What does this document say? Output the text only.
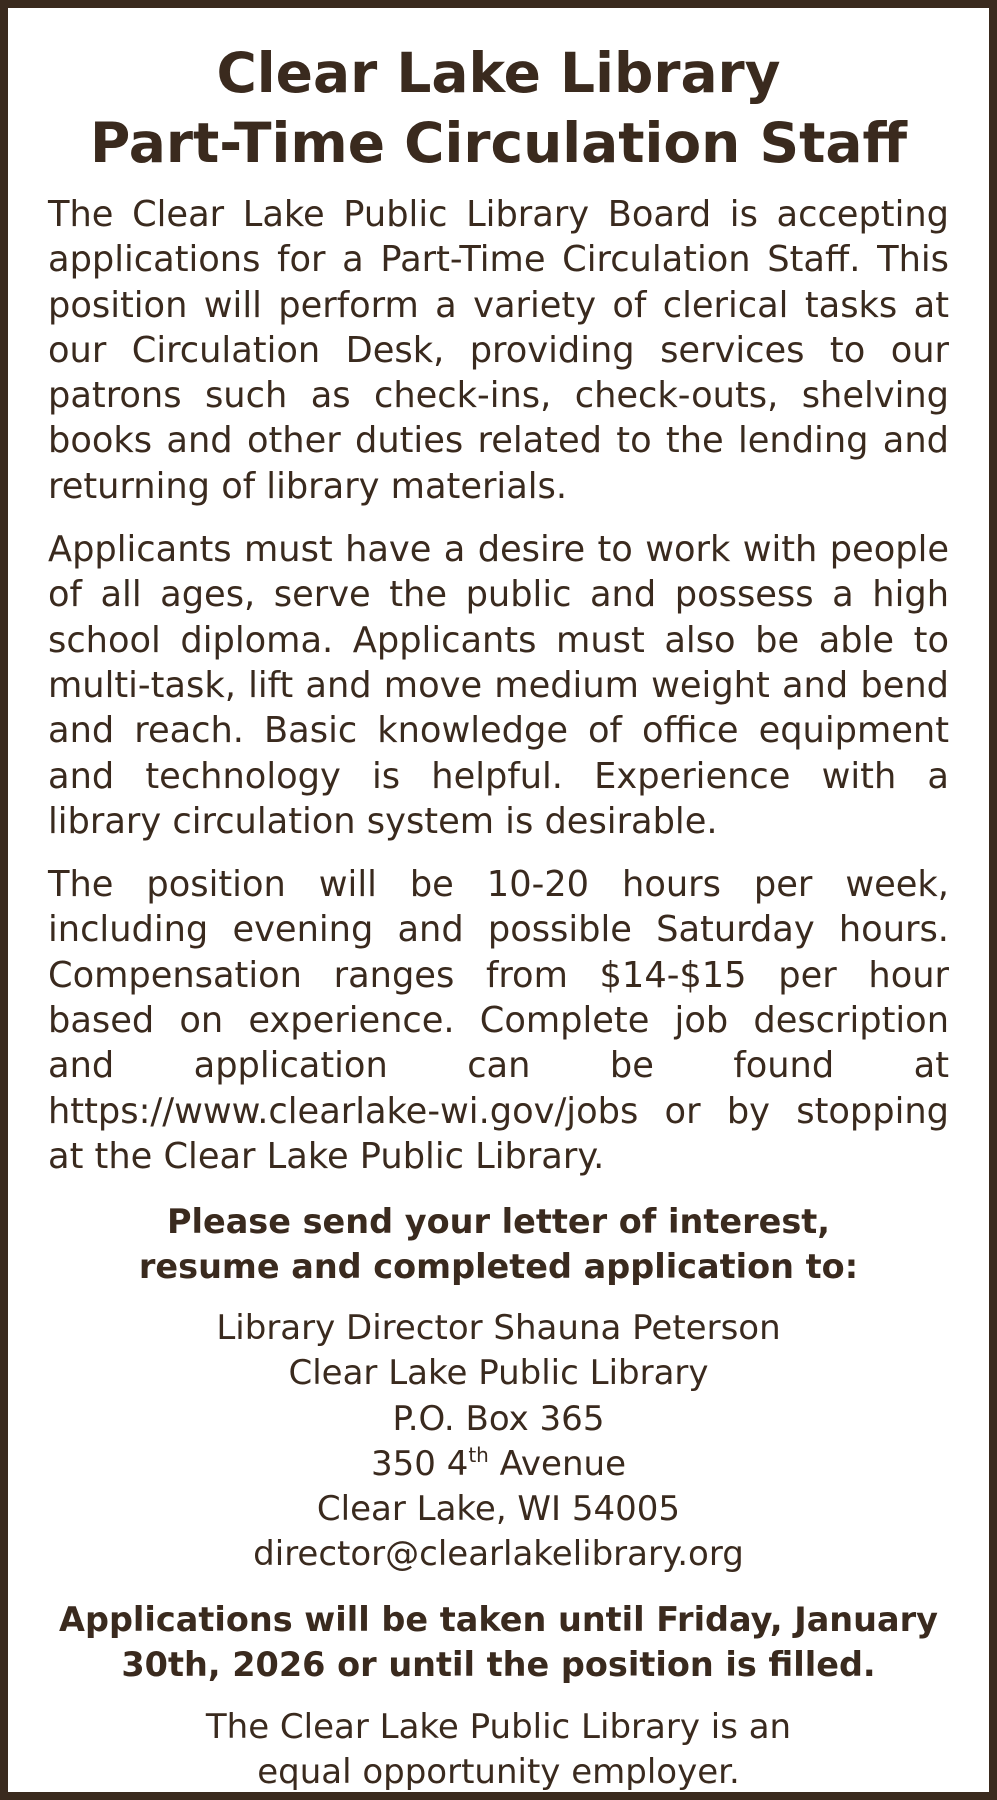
Clear Lake Library
Part-Time Circulation Staff

The Clear Lake Public Library Board is accepting applications for a Part-Time Circulation Staff. This position will perform a variety of clerical tasks at our Circulation Desk, providing services to our patrons such as check-ins, check-outs, shelving books and other duties related to the lending and returning of library materials.

Applicants must have a desire to work with people of all ages, serve the public and possess a high school diploma. Applicants must also be able to multi-task, lift and move medium weight and bend and reach. Basic knowledge of office equipment and technology is helpful. Experience with a library circulation system is desirable.

The position will be 10-20 hours per week, including evening and possible Saturday hours. Compensation ranges from $14-$15 per hour based on experience. Complete job description and application can be found at https://www.clearlake-wi.gov/jobs or by stopping at the Clear Lake Public Library.

Please send your letter of interest,
resume and completed application to:

Library Director Shauna Peterson
Clear Lake Public Library
P.O. Box 365
350 4th Avenue
Clear Lake, WI 54005
director@clearlakelibrary.org

Applications will be taken until Friday, January
30th, 2026 or until the position is filled.

The Clear Lake Public Library is an
equal opportunity employer.
